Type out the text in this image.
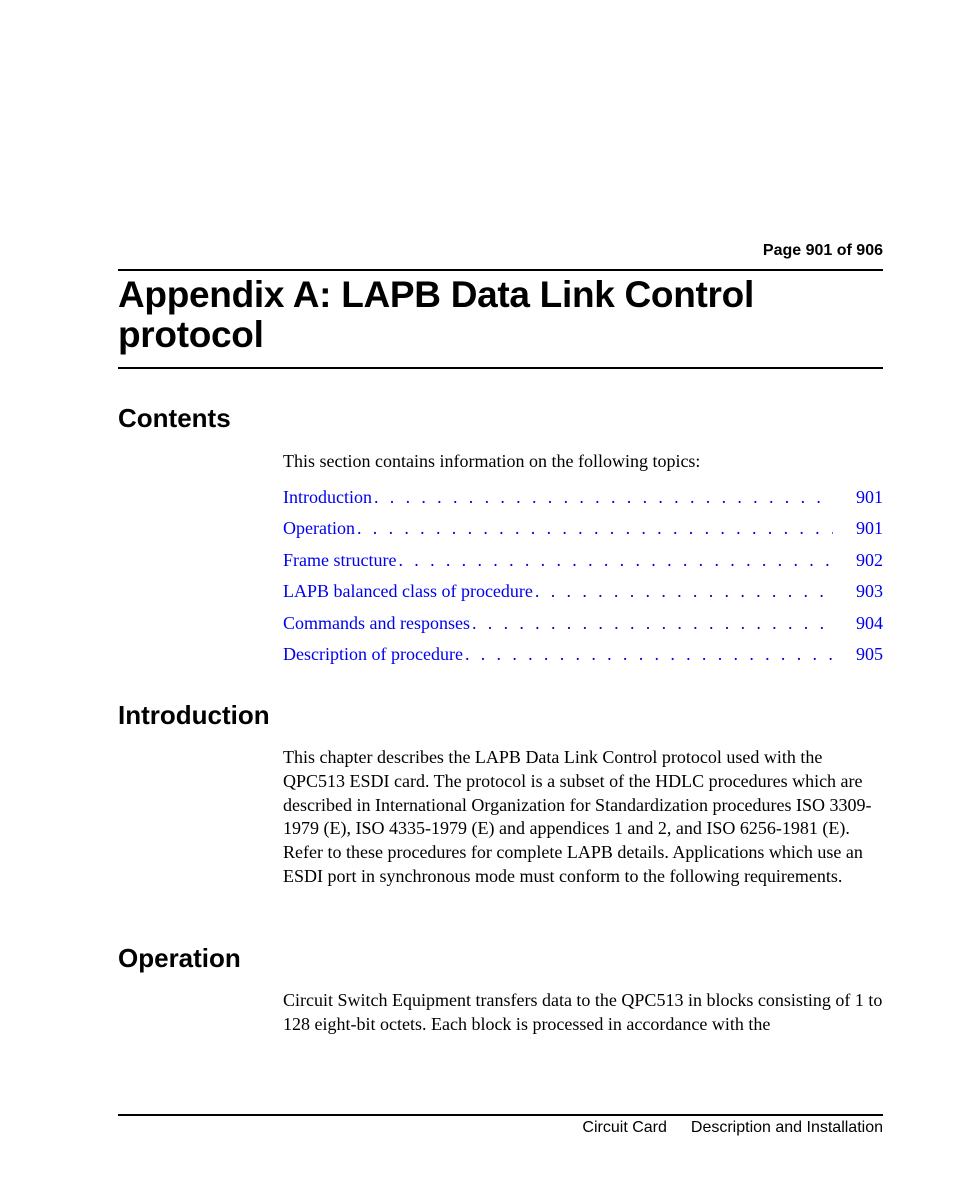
Page 901 of 906
Appendix A: LAPB Data Link Control protocol
Contents

This section contains information on the following topics:

Introduction . . .	901
Operation . . .	901
Frame structure . . .	902
LAPB balanced class of procedure . . .	903
Commands and responses . . .	904
Description of procedure . . .	905
Introduction

This chapter describes the LAPB Data Link Control protocol used with the QPC513 ESDI card. The protocol is a subset of the HDLC procedures which are described in International Organization for Standardization procedures ISO 3309-1979 (E), ISO 4335-1979 (E) and appendices 1 and 2, and ISO 6256-1981 (E). Refer to these procedures for complete LAPB details. Applications which use an ESDI port in synchronous mode must conform to the following requirements.

Operation

Circuit Switch Equipment transfers data to the QPC513 in blocks consisting of 1 to 128 eight-bit octets. Each block is processed in accordance with the

Circuit Card Description and Installation
